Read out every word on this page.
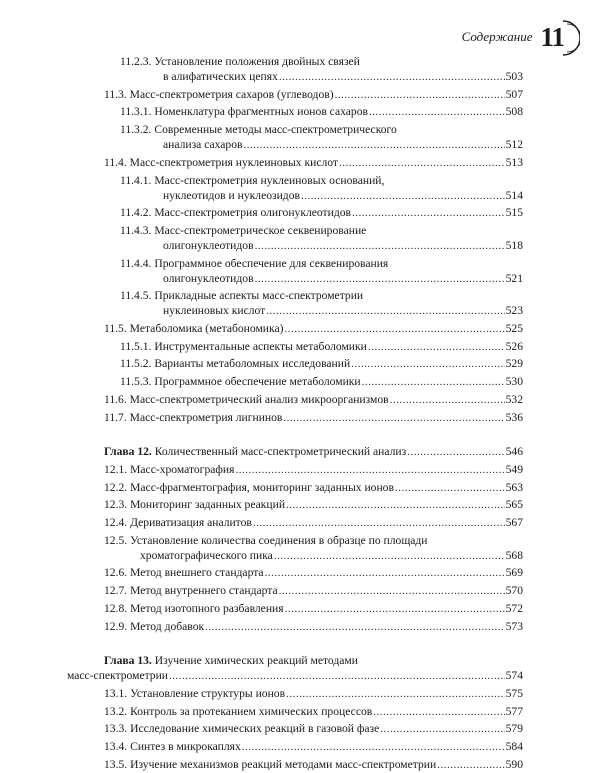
Содержание 11
11.2.3. Установление положения двойных связей
в алифатических цепях .....	503
11.3. Масс-спектрометрия сахаров (углеводов) .....	507
11.3.1. Номенклатура фрагментных ионов сахаров .....	508
11.3.2. Современные методы масс-спектрометрического
анализа сахаров .....	512
11.4. Масс-спектрометрия нуклеиновых кислот .....	513
11.4.1. Масс-спектрометрия нуклеиновых оснований,
нуклеотидов и нуклеозидов .....	514
11.4.2. Масс-спектрометрия олигонуклеотидов .....	515
11.4.3. Масс-спектрометрическое секвенирование
олигонуклеотидов .....	518
11.4.4. Программное обеспечение для секвенирования
олигонуклеотидов .....	521
11.4.5. Прикладные аспекты масс-спектрометрии
нуклеиновых кислот .....	523
11.5. Метаболомика (метабономика) .....	525
11.5.1. Инструментальные аспекты метаболомики .....	526
11.5.2. Варианты метаболомных исследований .....	529
11.5.3. Программное обеспечение метаболомики .....	530
11.6. Масс-спектрометрический анализ микроорганизмов .....	532
11.7. Масс-спектрометрия лигнинов .....	536
Глава 12. Количественный масс-спектрометрический анализ .....	546
12.1. Масс-хроматография .....	549
12.2. Масс-фрагментография, мониторинг заданных ионов .....	563
12.3. Мониторинг заданных реакций .....	565
12.4. Дериватизация аналитов .....	567
12.5. Установление количества соединения в образце по площади
хроматографического пика .....	568
12.6. Метод внешнего стандарта .....	569
12.7. Метод внутреннего стандарта .....	570
12.8. Метод изотопного разбавления .....	572
12.9. Метод добавок .....	573
Глава 13. Изучение химических реакций методами
масс-спектрометрии .....	574
13.1. Установление структуры ионов .....	575
13.2. Контроль за протеканием химических процессов .....	577
13.3. Исследование химических реакций в газовой фазе .....	579
13.4. Синтез в микрокаплях .....	584
13.5. Изучение механизмов реакций методами масс-спектрометрии .....	590
